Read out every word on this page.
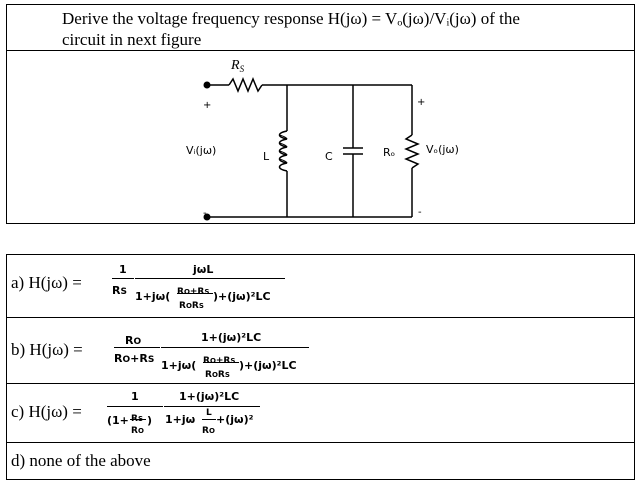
Derive the voltage frequency response H(jω) = Vₒ(jω)/Vᵢ(jω) of the
circuit in next figure
$R_S$
+
Vᵢ(jω)	L	C	Rₒ
+
Vₒ(jω)
-	-
a) H(jω) =
1
RS
jωL
1+jω( RO+RS
RORS
)+(jω)²LC
b) H(jω) =	RO
RO+RS
1+(jω)²LC
1+jω( RO+RS
RORS
)+(jω)²LC
c) H(jω) =
1
(1+ RS
RO
)
1+(jω)²LC
1+jω L
RO
+(jω)²
d) none of the above
